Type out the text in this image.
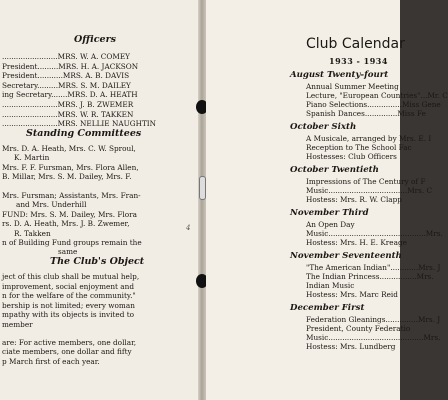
Officers
........................MRS. W. A. COMEY
President.........MRS. H. A. JACKSON
President...........MRS. A. B. DAVIS
Secretary.........MRS. S. M. DAILEY
ing Secretary.......MRS. D. A. HEATH
........................MRS. J. B. ZWEMER
........................MRS. W. R. TAKKEN
........................MRS. NELLIE NAUGHTIN
Standing Committees
Mrs. D. A. Heath, Mrs. C. W. Sproul,
K. Martin
Mrs. F. F. Fursman, Mrs. Flora Allen,
B. Millar, Mrs. S. M. Dailey, Mrs. F.
Mrs. Fursman; Assistants, Mrs. Fran-
and Mrs. Underhill
FUND: Mrs. S. M. Dailey, Mrs. Flora
rs. D. A. Heath, Mrs. J. B. Zwemer,
R. Takken
n of Building Fund groups remain the
same
The Club's Object
ject of this club shall be mutual help,
improvement, social enjoyment and
n for the welfare of the community."
bership is not limited; every woman
mpathy with its objects is invited to
member
are: For active members, one dollar,
ciate members, one dollar and fifty
p March first of each year.
4
Club Calendar
1933 - 1934
August Twenty-fourt
Annual Summer Meeting
Lecture, "European Countries"...Mr. C
Piano Selections...............Miss Gene
Spanish Dances..............Miss Fe
October Sixth
A Musicale, arranged by Mrs. E. I
Reception to The School Fac
Hostesses: Club Officers
October Twentieth
Impressions of The Century of F
Music..................................Mrs. C
Hostess: Mrs. R. W. Clapp
November Third
An Open Day
Music..........................................Mrs.
Hostess: Mrs. H. E. Kreage
November Seventeenth
"The American Indian"............Mrs. J
The Indian Princess................Mrs.
Indian Music
Hostess: Mrs. Marc Reid
December First
Federation Gleanings..............Mrs. J
President, County Federatio
Music.........................................Mrs.
Hostess: Mrs. Lundberg
